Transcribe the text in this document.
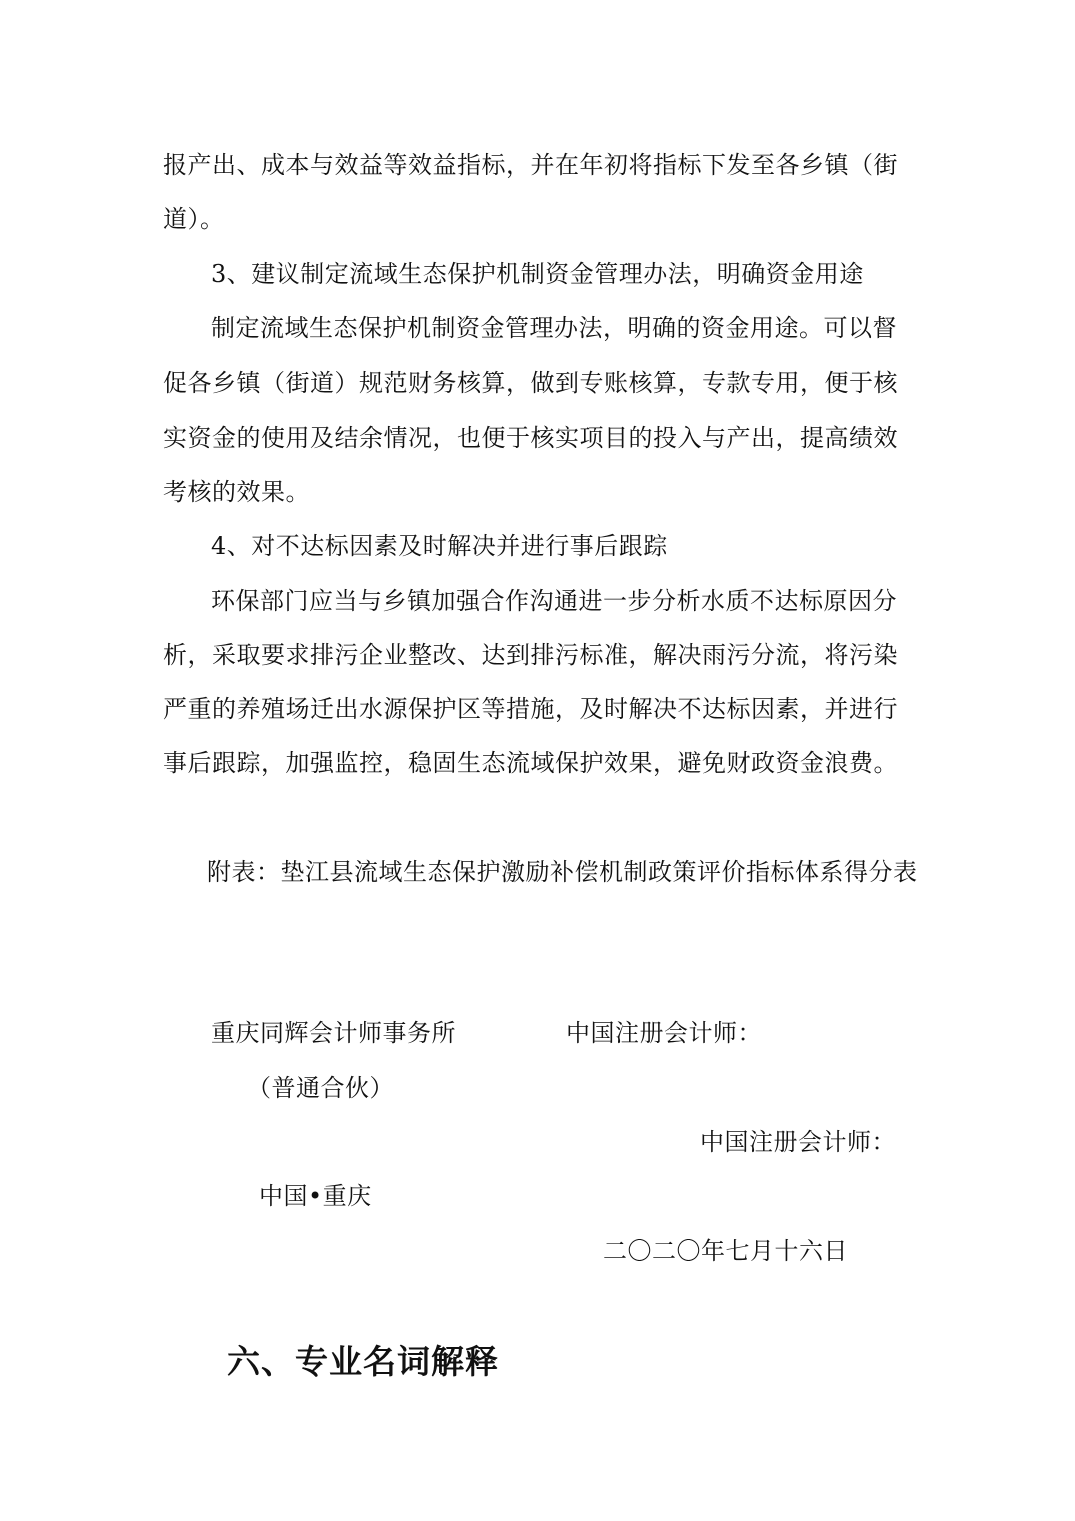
报产出、成本与效益等效益指标，并在年初将指标下发至各乡镇（街
道）。
3、建议制定流域生态保护机制资金管理办法，明确资金用途
制定流域生态保护机制资金管理办法，明确的资金用途。可以督
促各乡镇（街道）规范财务核算，做到专账核算，专款专用，便于核
实资金的使用及结余情况，也便于核实项目的投入与产出，提高绩效
考核的效果。
4、对不达标因素及时解决并进行事后跟踪
环保部门应当与乡镇加强合作沟通进一步分析水质不达标原因分
析，采取要求排污企业整改、达到排污标准，解决雨污分流，将污染
严重的养殖场迁出水源保护区等措施，及时解决不达标因素，并进行
事后跟踪，加强监控，稳固生态流域保护效果，避免财政资金浪费。
附表：垫江县流域生态保护激励补偿机制政策评价指标体系得分表
重庆同辉会计师事务所	中国注册会计师：
（普通合伙）
中国注册会计师：
中国•重庆
二〇二〇年七月十六日
六、专业名词解释
